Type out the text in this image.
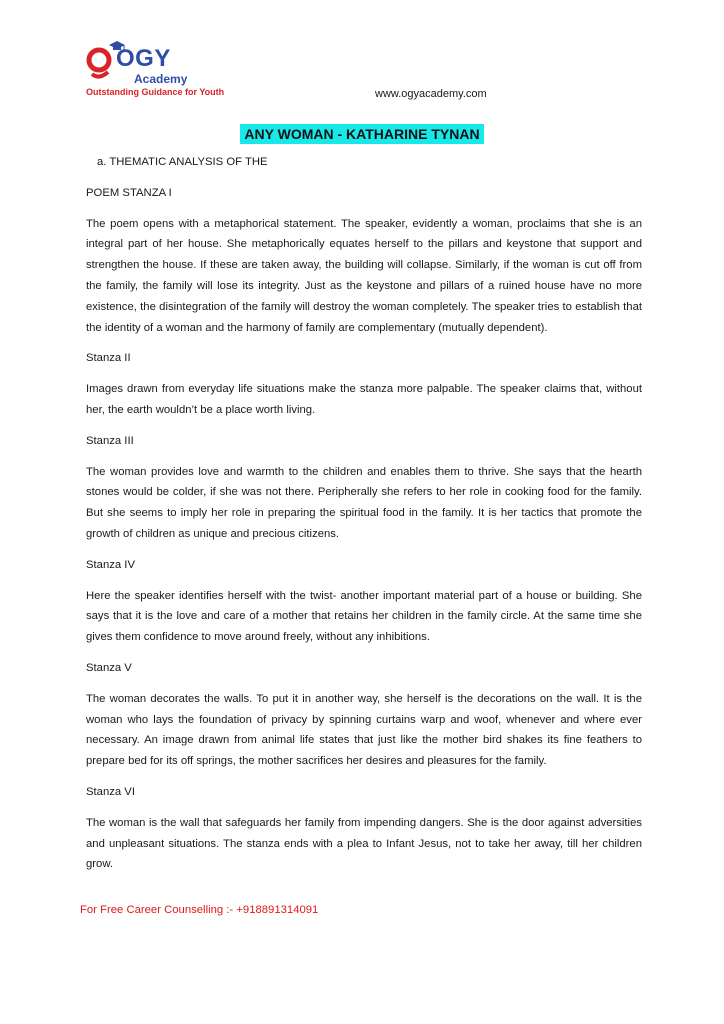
OGY
Academy
Outstanding Guidance for Youth	www.ogyacademy.com
ANY WOMAN - KATHARINE TYNAN

a. THEMATIC ANALYSIS OF THE

POEM STANZA I

The poem opens with a metaphorical statement. The speaker, evidently a woman, proclaims that she is an integral part of her house. She metaphorically equates herself to the pillars and keystone that support and strengthen the house. If these are taken away, the building will collapse. Similarly, if the woman is cut off from the family, the family will lose its integrity. Just as the keystone and pillars of a ruined house have no more existence, the disintegration of the family will destroy the woman completely. The speaker tries to establish that the identity of a woman and the harmony of family are complementary (mutually dependent).

Stanza II

Images drawn from everyday life situations make the stanza more palpable. The speaker claims that, without her, the earth wouldn’t be a place worth living.

Stanza III

The woman provides love and warmth to the children and enables them to thrive. She says that the hearth stones would be colder, if she was not there. Peripherally she refers to her role in cooking food for the family. But she seems to imply her role in preparing the spiritual food in the family. It is her tactics that promote the growth of children as unique and precious citizens.

Stanza IV

Here the speaker identifies herself with the twist- another important material part of a house or building. She says that it is the love and care of a mother that retains her children in the family circle. At the same time she gives them confidence to move around freely, without any inhibitions.

Stanza V

The woman decorates the walls. To put it in another way, she herself is the decorations on the wall. It is the woman who lays the foundation of privacy by spinning curtains warp and woof, whenever and where ever necessary. An image drawn from animal life states that just like the mother bird shakes its fine feathers to prepare bed for its off springs, the mother sacrifices her desires and pleasures for the family.

Stanza VI

The woman is the wall that safeguards her family from impending dangers. She is the door against adversities and unpleasant situations. The stanza ends with a plea to Infant Jesus, not to take her away, till her children grow.

For Free Career Counselling :- +918891314091
